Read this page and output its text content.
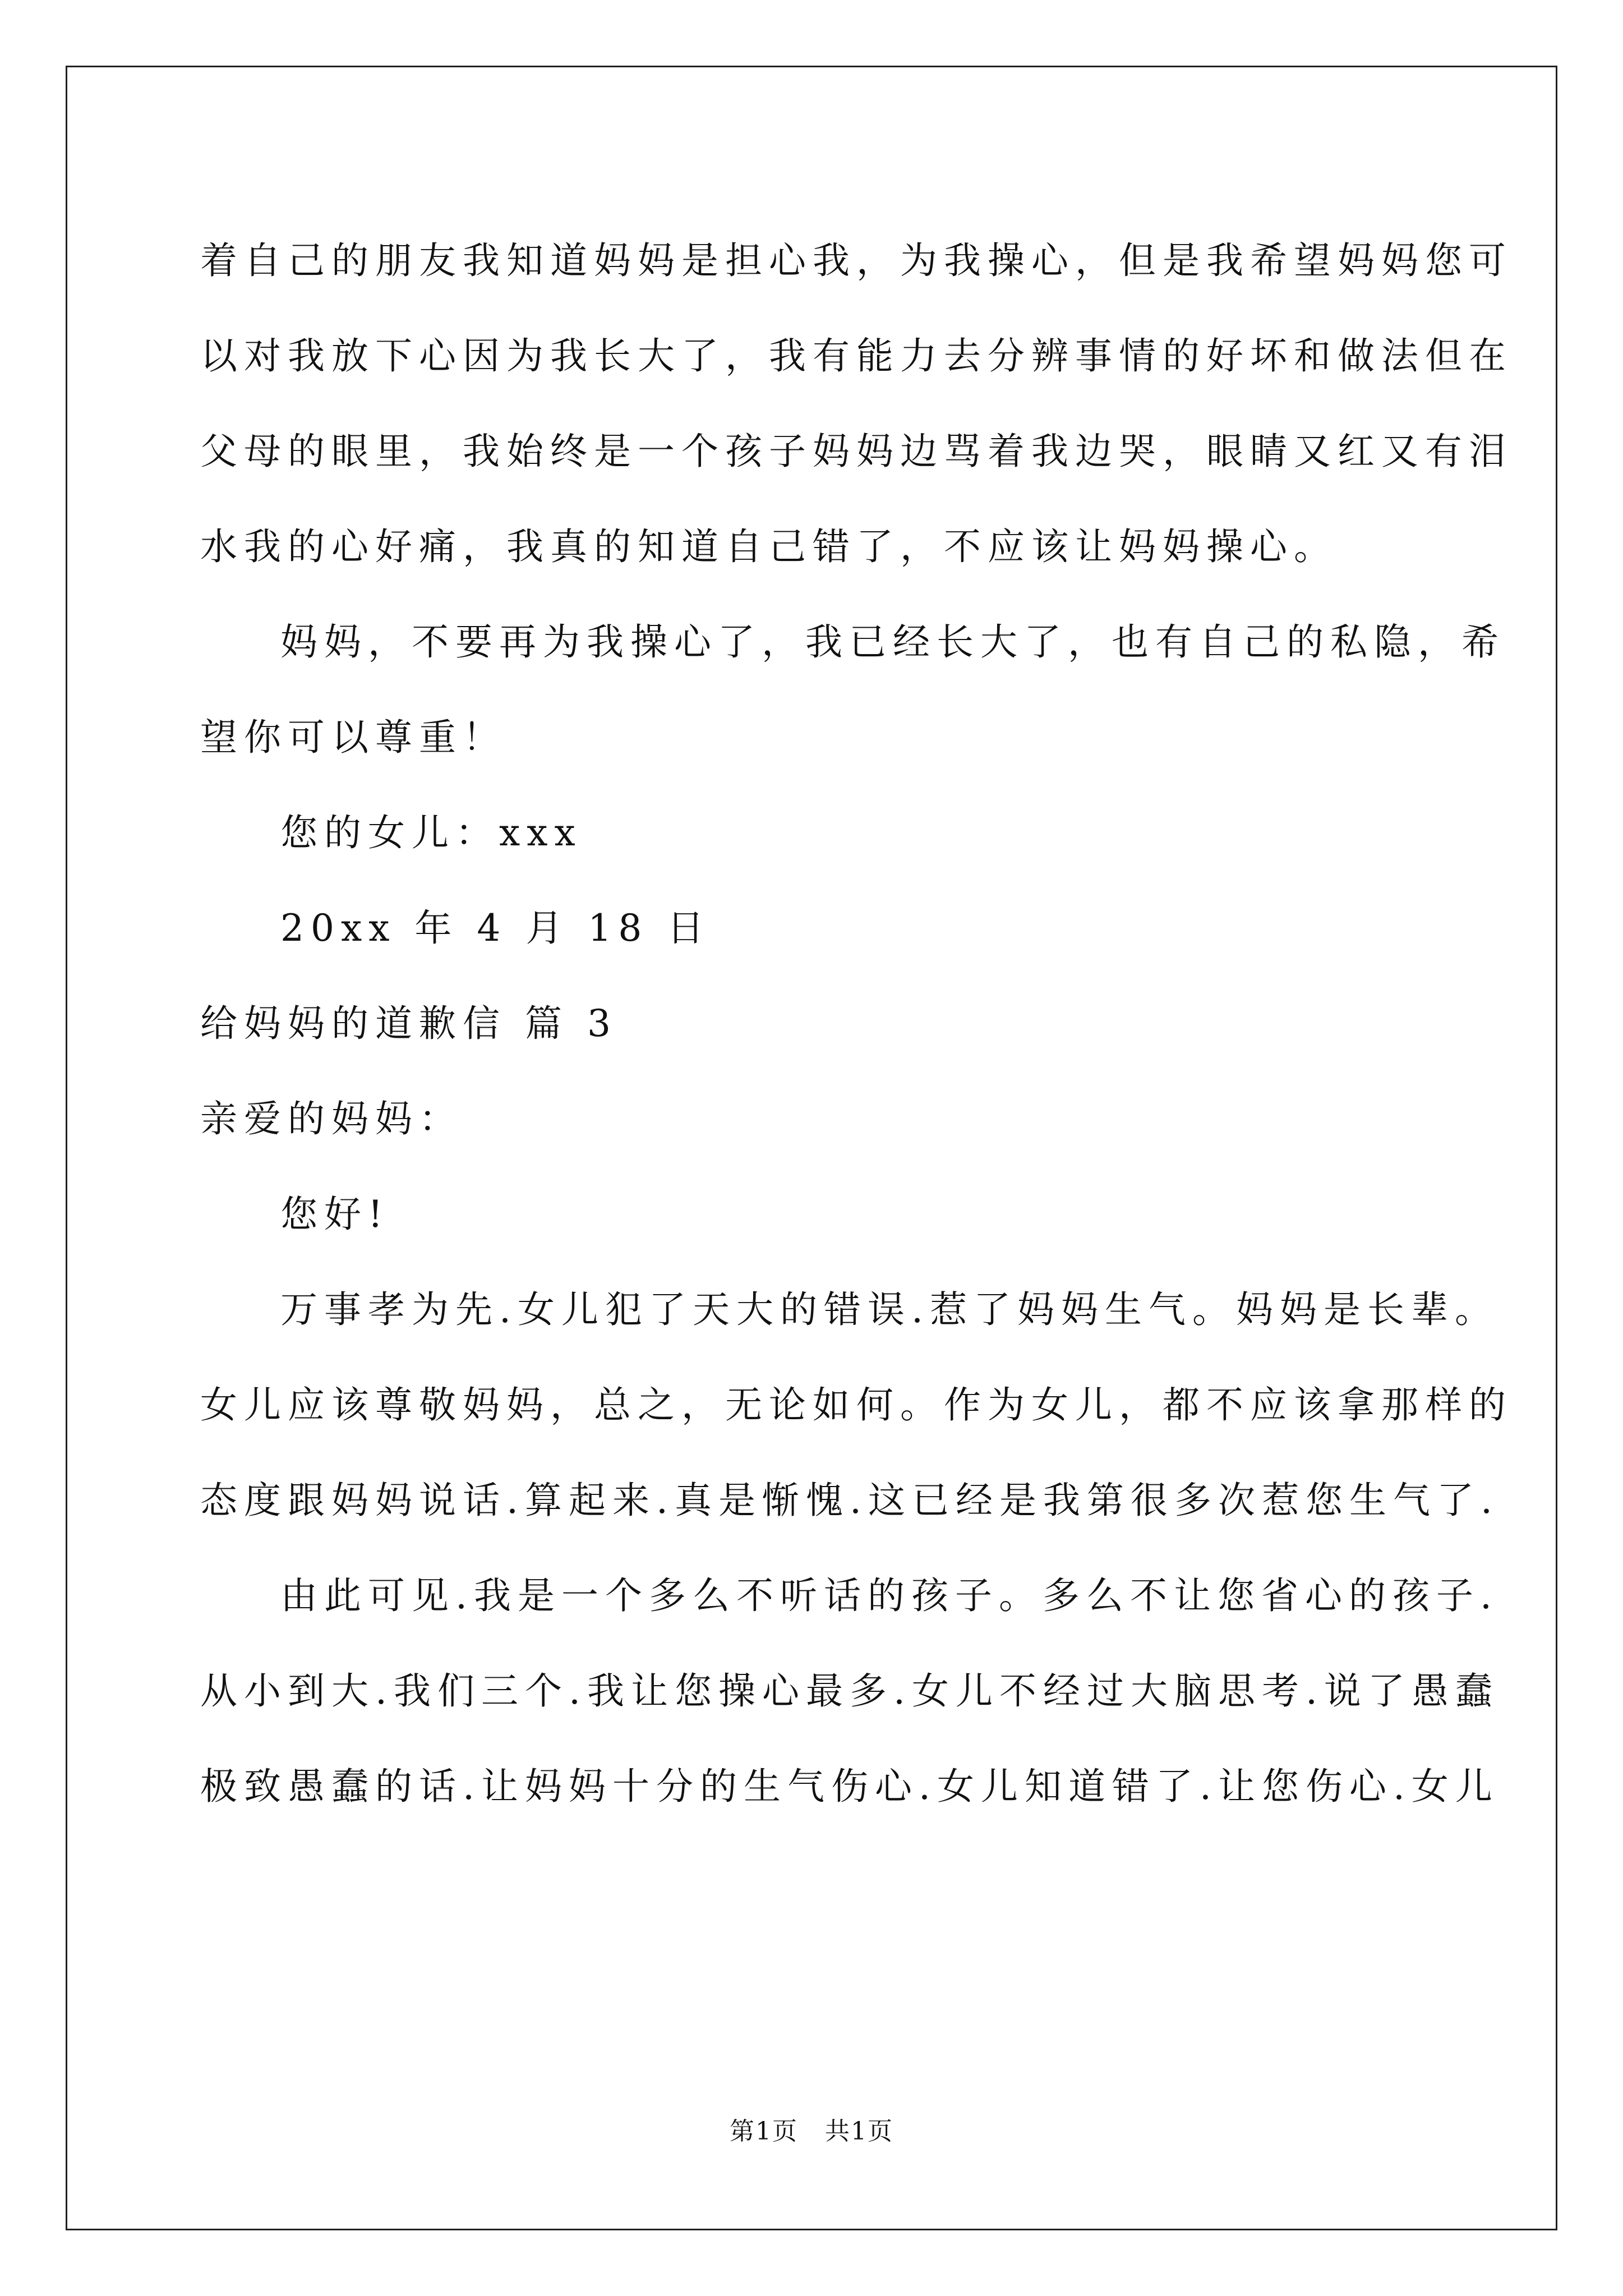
着自己的朋友我知道妈妈是担心我，为我操心，但是我希望妈妈您可
以对我放下心因为我长大了，我有能力去分辨事情的好坏和做法但在
父母的眼里，我始终是一个孩子妈妈边骂着我边哭，眼睛又红又有泪
水我的心好痛，我真的知道自己错了，不应该让妈妈操心。
妈妈，不要再为我操心了，我已经长大了，也有自己的私隐，希
望你可以尊重！
您的女儿：xxx
20xx 年 4 月 18 日
给妈妈的道歉信 篇 3
亲爱的妈妈：
您好!
万事孝为先.女儿犯了天大的错误.惹了妈妈生气。妈妈是长辈。
女儿应该尊敬妈妈，总之，无论如何。作为女儿，都不应该拿那样的
态度跟妈妈说话.算起来.真是惭愧.这已经是我第很多次惹您生气了.
由此可见.我是一个多么不听话的孩子。多么不让您省心的孩子.
从小到大.我们三个.我让您操心最多.女儿不经过大脑思考.说了愚蠢
极致愚蠢的话.让妈妈十分的生气伤心.女儿知道错了.让您伤心.女儿
第1页 共1页
